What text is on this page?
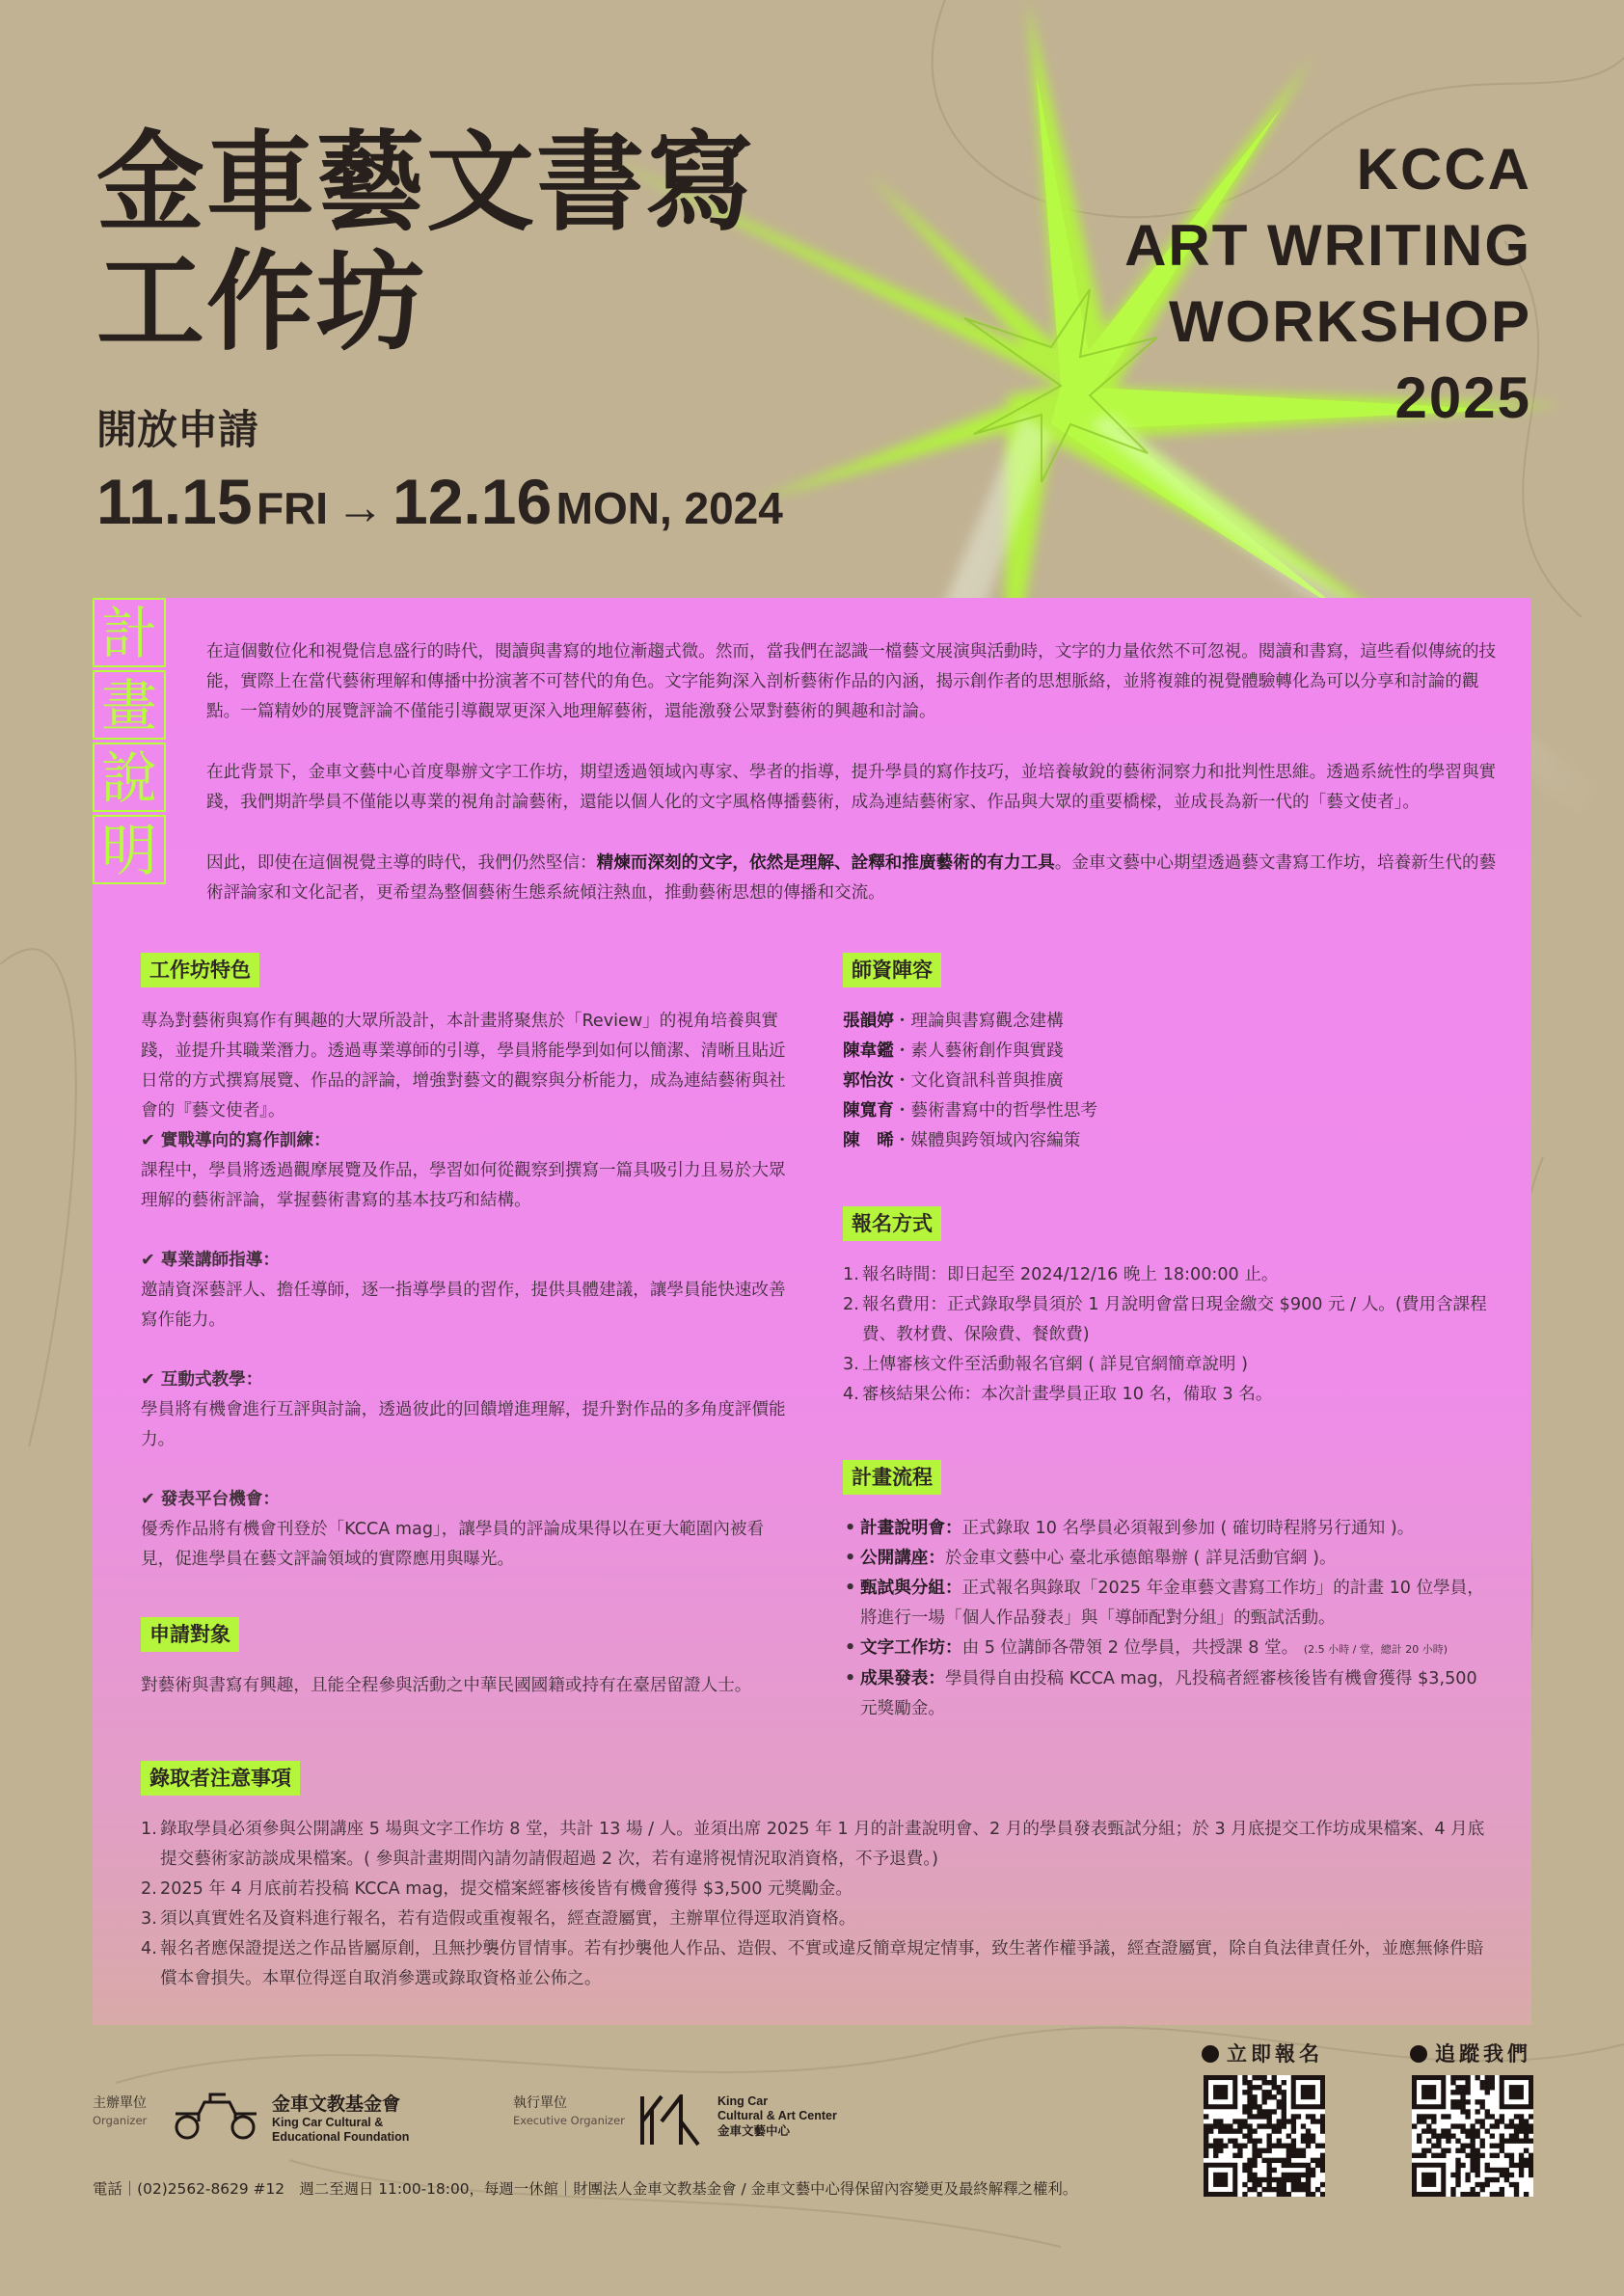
金車藝文書寫
工作坊
KCCA
ART WRITING
WORKSHOP
2025
開放申請
11.15 FRI → 12.16 MON, 2024
計
畫
說
明

在這個數位化和視覺信息盛行的時代，閱讀與書寫的地位漸趨式微。然而，當我們在認識一檔藝文展演與活動時，文字的力量依然不可忽視。閱讀和書寫，這些看似傳統的技能，實際上在當代藝術理解和傳播中扮演著不可替代的角色。文字能夠深入剖析藝術作品的內涵，揭示創作者的思想脈絡，並將複雜的視覺體驗轉化為可以分享和討論的觀點。一篇精妙的展覽評論不僅能引導觀眾更深入地理解藝術，還能激發公眾對藝術的興趣和討論。

在此背景下，金車文藝中心首度舉辦文字工作坊，期望透過領域內專家、學者的指導，提升學員的寫作技巧，並培養敏銳的藝術洞察力和批判性思維。透過系統性的學習與實踐，我們期許學員不僅能以專業的視角討論藝術，還能以個人化的文字風格傳播藝術，成為連結藝術家、作品與大眾的重要橋樑，並成長為新一代的「藝文使者」。

因此，即使在這個視覺主導的時代，我們仍然堅信：精煉而深刻的文字，依然是理解、詮釋和推廣藝術的有力工具。金車文藝中心期望透過藝文書寫工作坊，培養新生代的藝術評論家和文化記者，更希望為整個藝術生態系統傾注熱血，推動藝術思想的傳播和交流。

工作坊特色

專為對藝術與寫作有興趣的大眾所設計，本計畫將聚焦於「Review」的視角培養與實踐，並提升其職業潛力。透過專業導師的引導，學員將能學到如何以簡潔、清晰且貼近日常的方式撰寫展覽、作品的評論，增強對藝文的觀察與分析能力，成為連結藝術與社會的『藝文使者』。

✔ 實戰導向的寫作訓練：

課程中，學員將透過觀摩展覽及作品，學習如何從觀察到撰寫一篇具吸引力且易於大眾理解的藝術評論，掌握藝術書寫的基本技巧和結構。

✔ 專業講師指導：

邀請資深藝評人、擔任導師，逐一指導學員的習作，提供具體建議，讓學員能快速改善寫作能力。

✔ 互動式教學：

學員將有機會進行互評與討論，透過彼此的回饋增進理解，提升對作品的多角度評價能力。

✔ 發表平台機會：

優秀作品將有機會刊登於「KCCA mag」，讓學員的評論成果得以在更大範圍內被看見，促進學員在藝文評論領域的實際應用與曝光。

申請對象

對藝術與書寫有興趣，且能全程參與活動之中華民國國籍或持有在臺居留證人士。

師資陣容
張韻婷・理論與書寫觀念建構
陳韋鑑・素人藝術創作與實踐
郭怡汝・文化資訊科普與推廣
陳寬育・藝術書寫中的哲學性思考
陳　晞・媒體與跨領域內容編策
報名方式
1. 報名時間：即日起至 2024/12/16 晚上 18:00:00 止。
2. 報名費用：正式錄取學員須於 1 月說明會當日現金繳交 $900 元 / 人。(費用含課程費、教材費、保險費、餐飲費)
3. 上傳審核文件至活動報名官網 ( 詳見官網簡章說明 )
4. 審核結果公佈：本次計畫學員正取 10 名，備取 3 名。
計畫流程
• 計畫說明會：正式錄取 10 名學員必須報到參加 ( 確切時程將另行通知 )。
• 公開講座：於金車文藝中心 臺北承德館舉辦 ( 詳見活動官網 )。
• 甄試與分組：正式報名與錄取「2025 年金車藝文書寫工作坊」的計畫 10 位學員，將進行一場「個人作品發表」與「導師配對分組」的甄試活動。
• 文字工作坊：由 5 位講師各帶領 2 位學員，共授課 8 堂。 (2.5 小時 / 堂，總計 20 小時)
• 成果發表：學員得自由投稿 KCCA mag，凡投稿者經審核後皆有機會獲得 $3,500 元獎勵金。
錄取者注意事項
1. 錄取學員必須參與公開講座 5 場與文字工作坊 8 堂，共計 13 場 / 人。並須出席 2025 年 1 月的計畫說明會、2 月的學員發表甄試分組；於 3 月底提交工作坊成果檔案、4 月底提交藝術家訪談成果檔案。( 參與計畫期間內請勿請假超過 2 次，若有違將視情況取消資格，不予退費。)
2. 2025 年 4 月底前若投稿 KCCA mag，提交檔案經審核後皆有機會獲得 $3,500 元獎勵金。
3. 須以真實姓名及資料進行報名，若有造假或重複報名，經查證屬實，主辦單位得逕取消資格。
4. 報名者應保證提送之作品皆屬原創，且無抄襲仿冒情事。若有抄襲他人作品、造假、不實或違反簡章規定情事，致生著作權爭議，經查證屬實，除自負法律責任外，並應無條件賠償本會損失。本單位得逕自取消參選或錄取資格並公佈之。
主辦單位
Organizer
金車文教基金會
King Car Cultural &
Educational Foundation
執行單位
Executive Organizer
King Car
Cultural & Art Center
金車文藝中心
立即報名	追蹤我們
電話｜(02)2562-8629 #12　週二至週日 11:00-18:00，每週一休館｜財團法人金車文教基金會 / 金車文藝中心得保留內容變更及最終解釋之權利。
